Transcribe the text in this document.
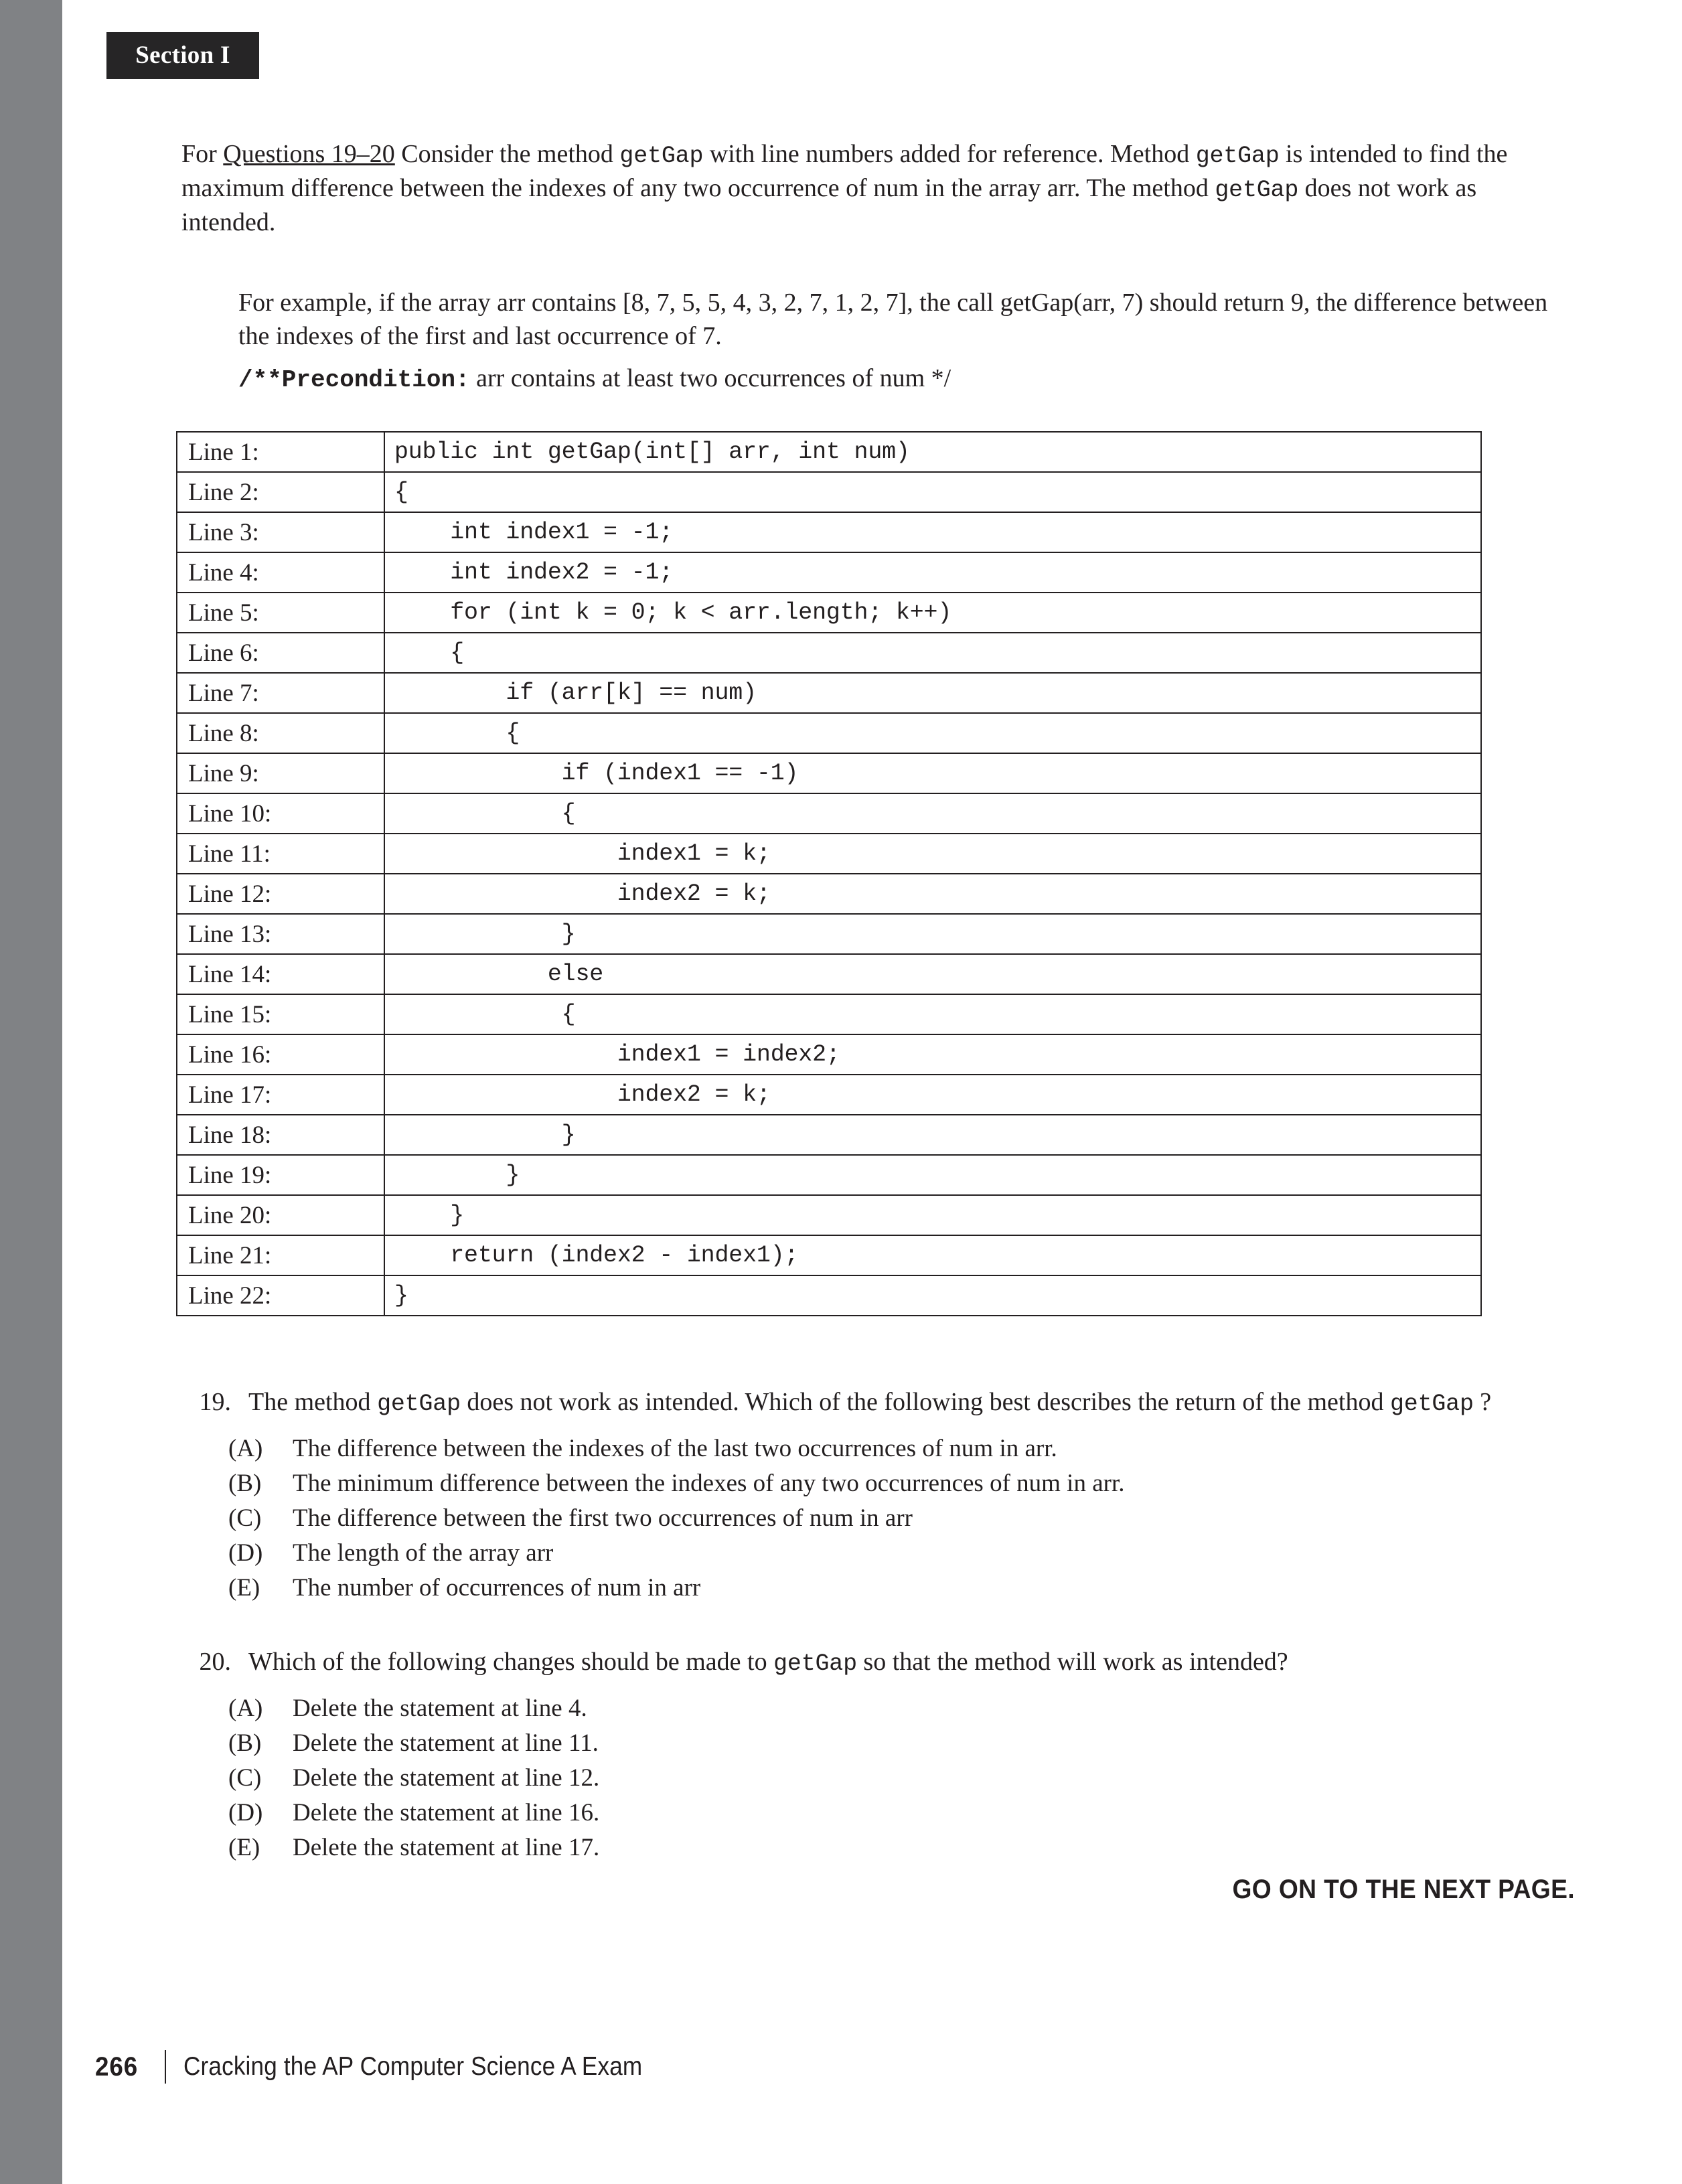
Section I
For Questions 19–20 Consider the method getGap with line numbers added for reference. Method getGap is intended to find the maximum difference between the indexes of any two occurrence of num in the array arr. The method getGap does not work as intended.
For example, if the array arr contains [8, 7, 5, 5, 4, 3, 2, 7, 1, 2, 7], the call getGap(arr, 7) should return 9, the difference between the indexes of the first and last occurrence of 7.
/**Precondition: arr contains at least two occurrences of num */
Line 1:	public int getGap(int[] arr, int num)
Line 2:	{
Line 3:	int index1 = -1;
Line 4:	int index2 = -1;
Line 5:	for (int k = 0; k < arr.length; k++)
Line 6:	{
Line 7:	if (arr[k] == num)
Line 8:	{
Line 9:	if (index1 == -1)
Line 10:	{
Line 11:	index1 = k;
Line 12:	index2 = k;
Line 13:	}
Line 14:	else
Line 15:	{
Line 16:	index1 = index2;
Line 17:	index2 = k;
Line 18:	}
Line 19:	}
Line 20:	}
Line 21:	return (index2 - index1);
Line 22:	}
19. The method getGap does not work as intended. Which of the following best describes the return of the method getGap ?
(A)	The difference between the indexes of the last two occurrences of num in arr.
(B)	The minimum difference between the indexes of any two occurrences of num in arr.
(C)	The difference between the first two occurrences of num in arr
(D)	The length of the array arr
(E)	The number of occurrences of num in arr
20. Which of the following changes should be made to getGap so that the method will work as intended?
(A)	Delete the statement at line 4.
(B)	Delete the statement at line 11.
(C)	Delete the statement at line 12.
(D)	Delete the statement at line 16.
(E)	Delete the statement at line 17.
GO ON TO THE NEXT PAGE.
266 Cracking the AP Computer Science A Exam
